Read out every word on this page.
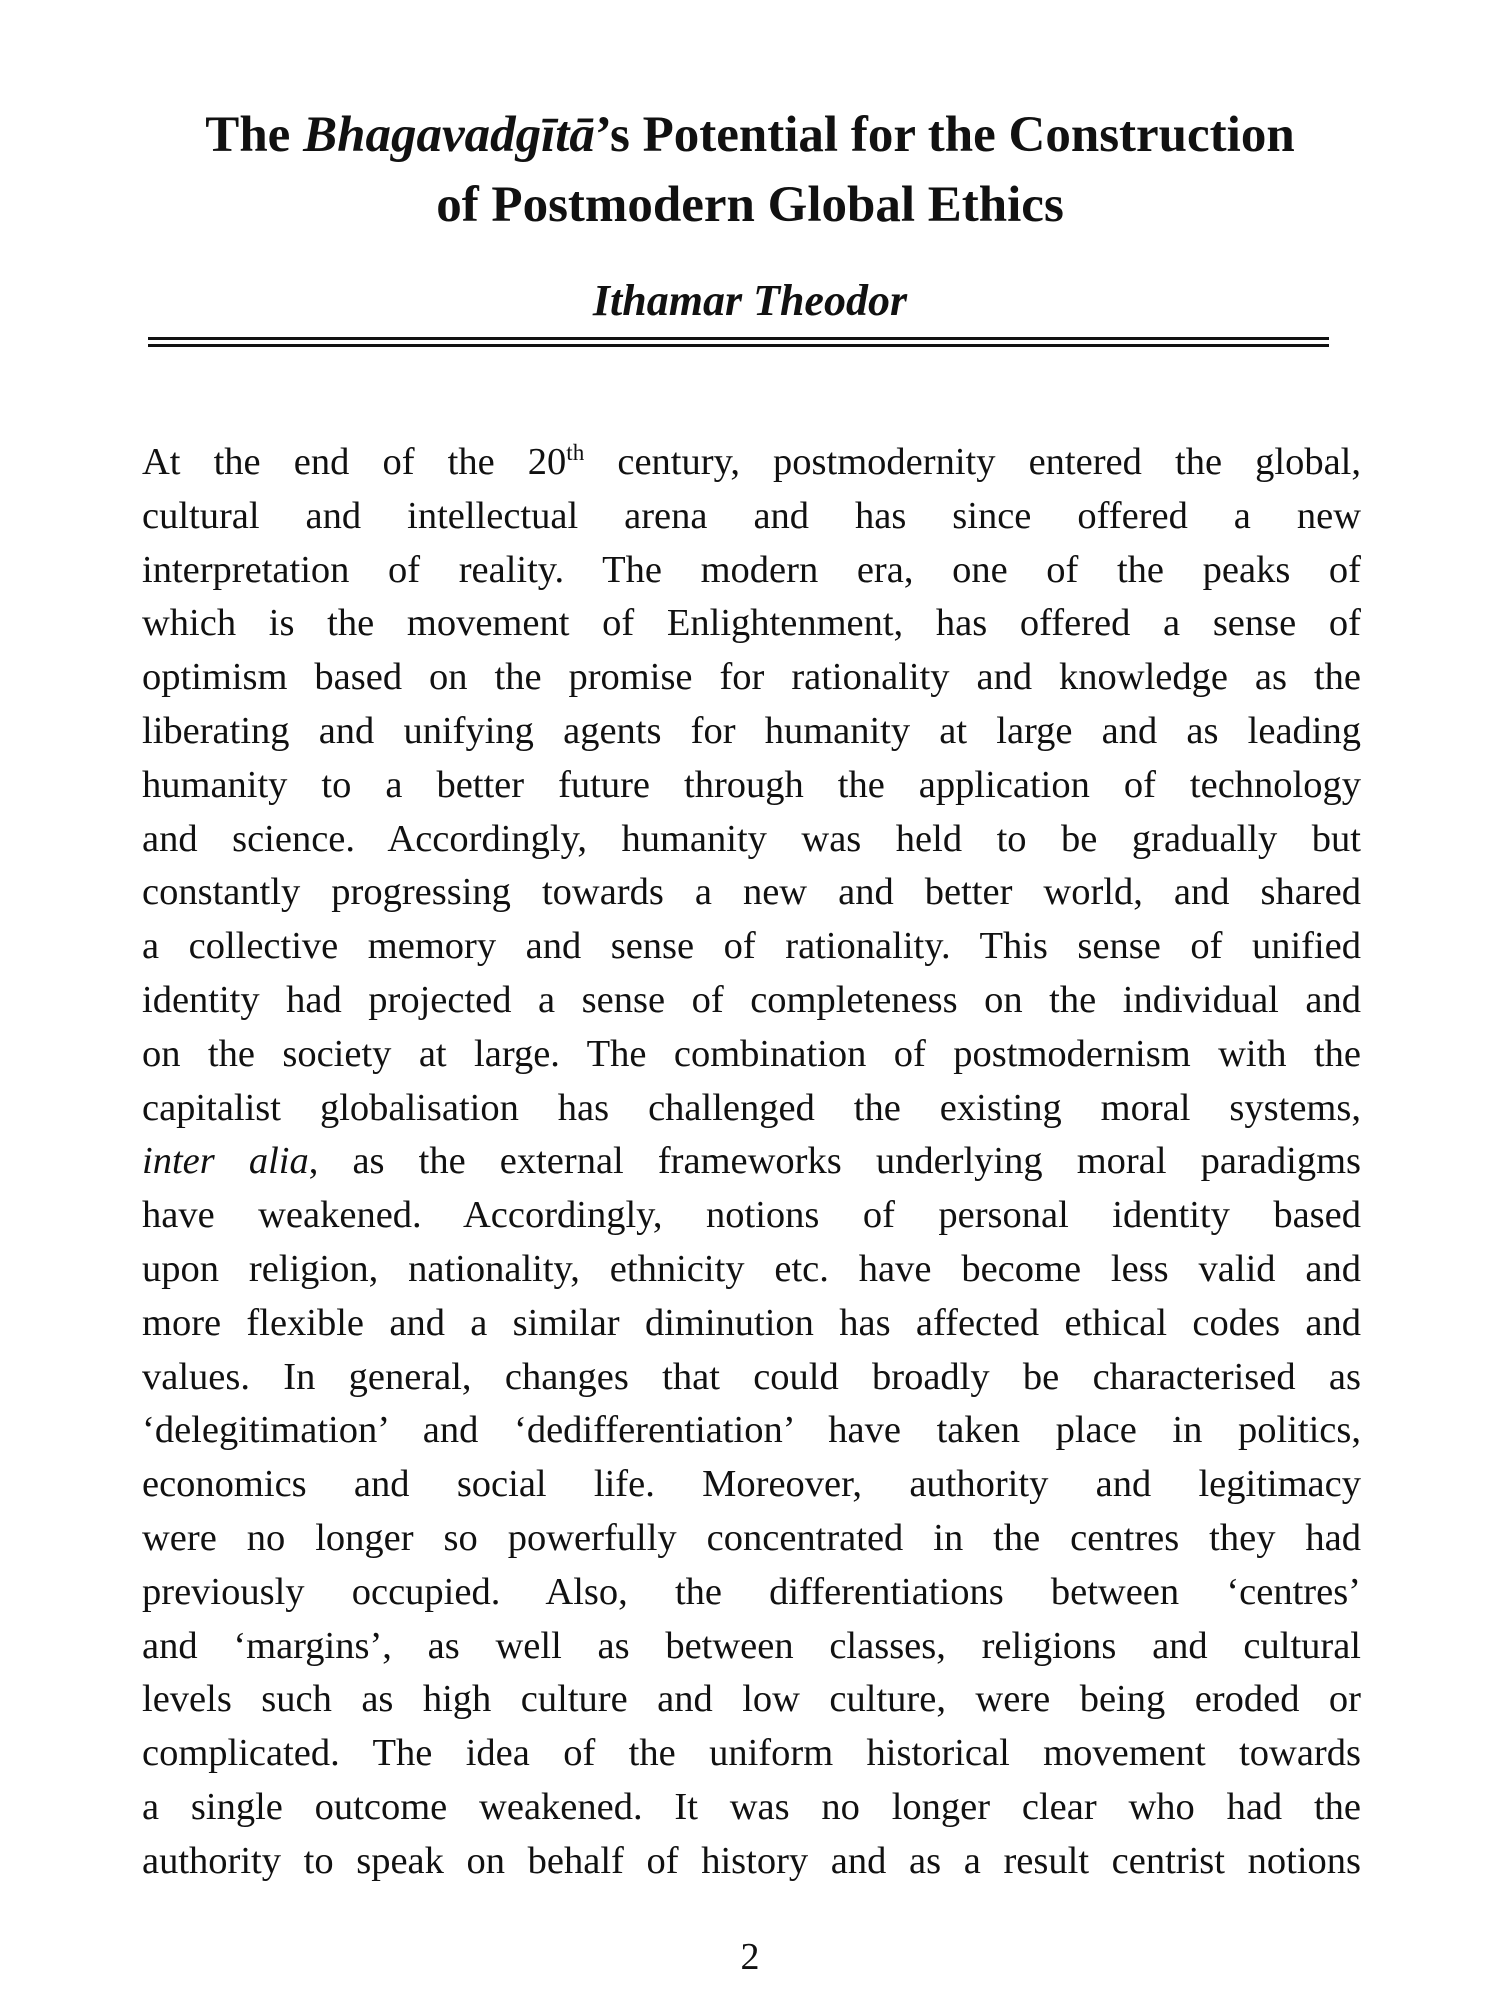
The Bhagavadgītā’s Potential for the Construction
of Postmodern Global Ethics
Ithamar Theodor
At the end of the 20th century, postmodernity entered the global,
cultural and intellectual arena and has since offered a new
interpretation of reality. The modern era, one of the peaks of
which is the movement of Enlightenment, has offered a sense of
optimism based on the promise for rationality and knowledge as the
liberating and unifying agents for humanity at large and as leading
humanity to a better future through the application of technology
and science. Accordingly, humanity was held to be gradually but
constantly progressing towards a new and better world, and shared
a collective memory and sense of rationality. This sense of unified
identity had projected a sense of completeness on the individual and
on the society at large. The combination of postmodernism with the
capitalist globalisation has challenged the existing moral systems,
inter alia, as the external frameworks underlying moral paradigms
have weakened. Accordingly, notions of personal identity based
upon religion, nationality, ethnicity etc. have become less valid and
more flexible and a similar diminution has affected ethical codes and
values. In general, changes that could broadly be characterised as
‘delegitimation’ and ‘dedifferentiation’ have taken place in politics,
economics and social life. Moreover, authority and legitimacy
were no longer so powerfully concentrated in the centres they had
previously occupied. Also, the differentiations between ‘centres’
and ‘margins’, as well as between classes, religions and cultural
levels such as high culture and low culture, were being eroded or
complicated. The idea of the uniform historical movement towards
a single outcome weakened. It was no longer clear who had the
authority to speak on behalf of history and as a result centrist notions
2
